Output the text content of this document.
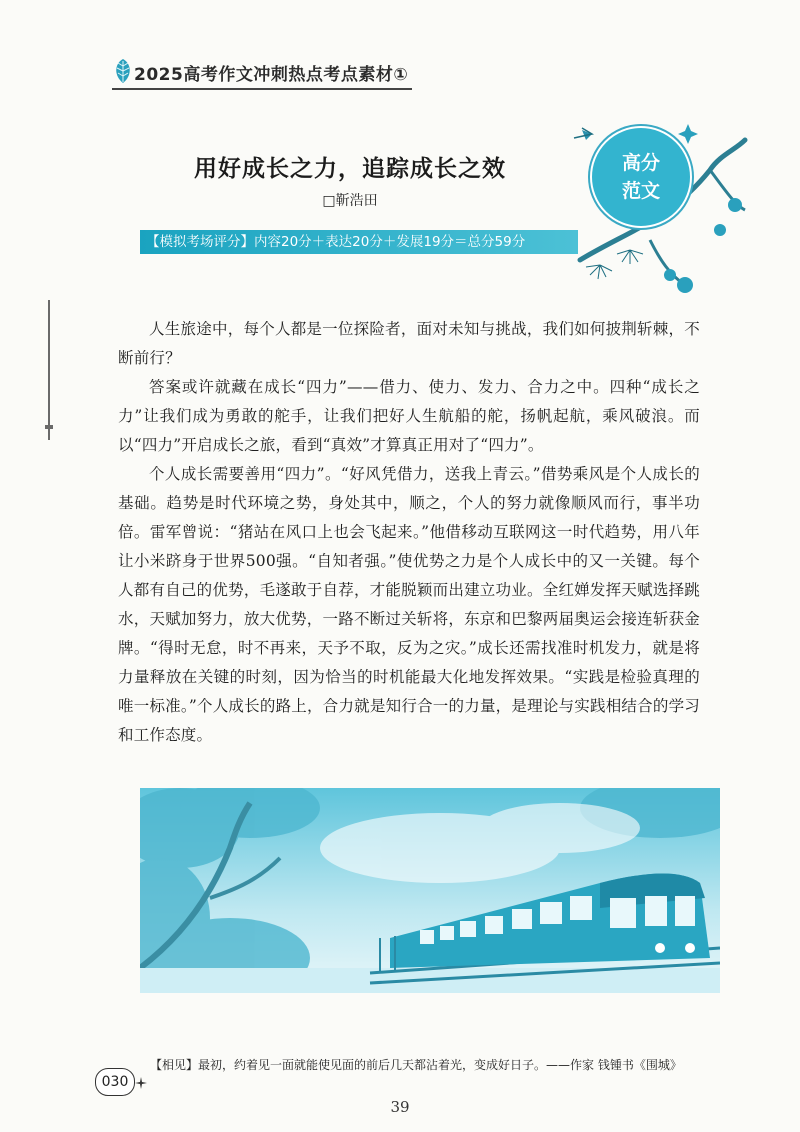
2025高考作文冲刺热点考点素材①
高分
范文
用好成长之力，追踪成长之效
□靳浩田
【模拟考场评分】内容20分＋表达20分＋发展19分＝总分59分

人生旅途中，每个人都是一位探险者，面对未知与挑战，我们如何披荆斩棘，不断前行？

答案或许就藏在成长“四力”——借力、使力、发力、合力之中。四种“成长之力”让我们成为勇敢的舵手，让我们把好人生航船的舵，扬帆起航，乘风破浪。而以“四力”开启成长之旅，看到“真效”才算真正用对了“四力”。

个人成长需要善用“四力”。“好风凭借力，送我上青云。”借势乘风是个人成长的基础。趋势是时代环境之势，身处其中，顺之，个人的努力就像顺风而行，事半功倍。雷军曾说：“猪站在风口上也会飞起来。”他借移动互联网这一时代趋势，用八年让小米跻身于世界500强。“自知者强。”使优势之力是个人成长中的又一关键。每个人都有自己的优势，毛遂敢于自荐，才能脱颖而出建立功业。全红婵发挥天赋选择跳水，天赋加努力，放大优势，一路不断过关斩将，东京和巴黎两届奥运会接连斩获金牌。“得时无怠，时不再来，天予不取，反为之灾。”成长还需找准时机发力，就是将力量释放在关键的时刻，因为恰当的时机能最大化地发挥效果。“实践是检验真理的唯一标准。”个人成长的路上，合力就是知行合一的力量，是理论与实践相结合的学习和工作态度。

【相见】最初，约着见一面就能使见面的前后几天都沾着光，变成好日子。——作家 钱锺书《围城》
030
39
